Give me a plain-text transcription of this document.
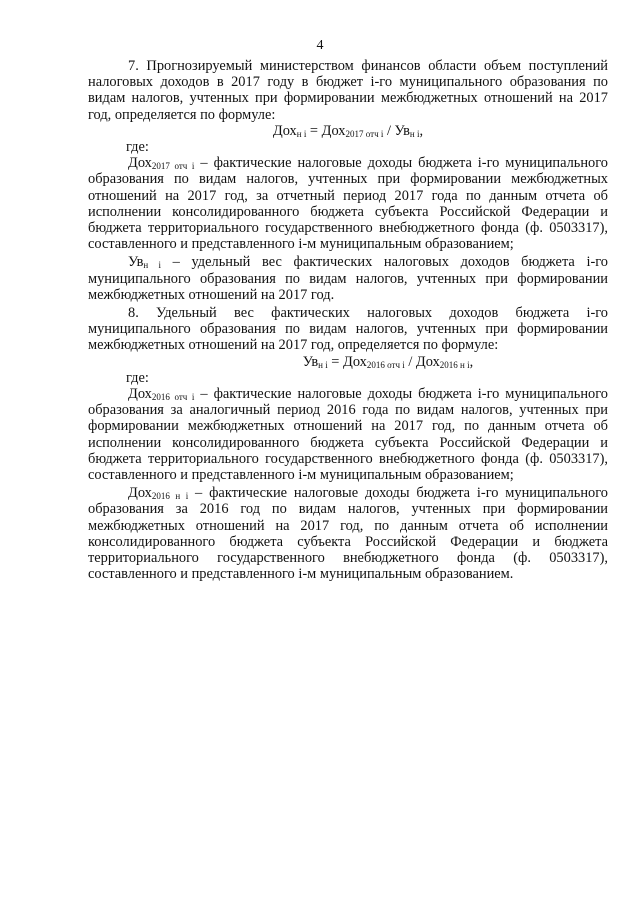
4

7. Прогнозируемый министерством финансов области объем поступлений налоговых доходов в 2017 году в бюджет i-го муниципального образования по видам налогов, учтенных при формировании межбюджетных отношений на 2017 год, определяется по формуле:

$Дох_{н i} = Дох_{2017 отч i} / Ув_{н i}$,

где:

Дох$_{2017 отч i}$ – фактические налоговые доходы бюджета i-го муниципального образования по видам налогов, учтенных при формировании межбюджетных отношений на 2017 год, за отчетный период 2017 года по данным отчета об исполнении консолидированного бюджета субъекта Российской Федерации и бюджета территориального государственного внебюджетного фонда (ф. 0503317), составленного и представленного i-м муниципальным образованием;

$Ув_{н i}$ – удельный вес фактических налоговых доходов бюджета i-го муниципального образования по видам налогов, учтенных при формировании межбюджетных отношений на 2017 год.

8. Удельный вес фактических налоговых доходов бюджета i-го муниципального образования по видам налогов, учтенных при формировании межбюджетных отношений на 2017 год, определяется по формуле:

$Ув_{н i} = Дох_{2016 отч i} / Дох_{2016 н i}$,

где:

Дох$_{2016 отч i}$ – фактические налоговые доходы бюджета i-го муниципального образования за аналогичный период 2016 года по видам налогов, учтенных при формировании межбюджетных отношений на 2017 год, по данным отчета об исполнении консолидированного бюджета субъекта Российской Федерации и бюджета территориального государственного внебюджетного фонда (ф. 0503317), составленного и представленного i-м муниципальным образованием;

Дох$_{2016 н i}$ – фактические налоговые доходы бюджета i-го муниципального образования за 2016 год по видам налогов, учтенных при формировании межбюджетных отношений на 2017 год, по данным отчета об исполнении консолидированного бюджета субъекта Российской Федерации и бюджета территориального государственного внебюджетного фонда (ф. 0503317), составленного и представленного i-м муниципальным образованием.
